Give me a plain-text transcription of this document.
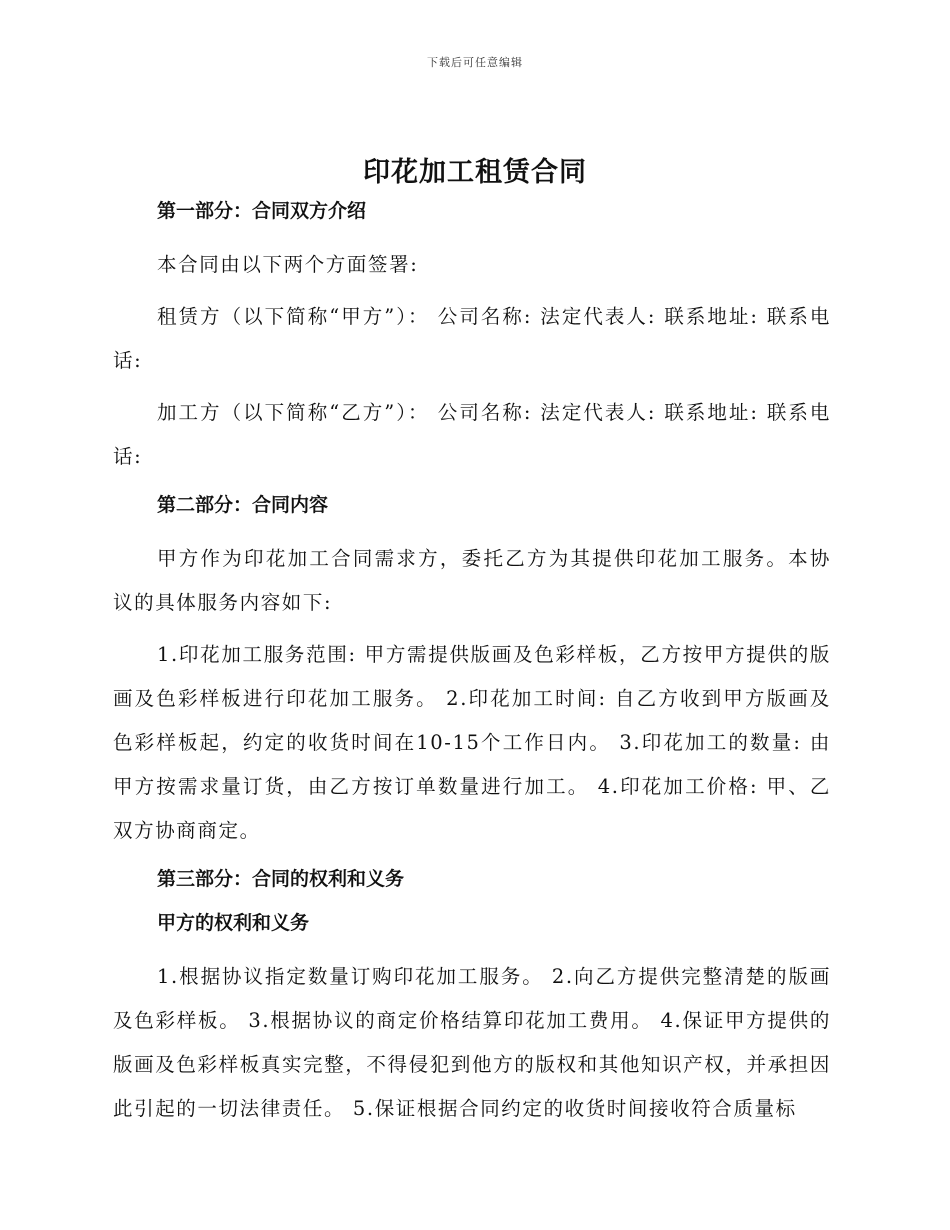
下载后可任意编辑
印花加工租赁合同

第一部分：合同双方介绍

本合同由以下两个方面签署:

租赁方（以下简称“甲方”）： 公司名称: 法定代表人: 联系地址: 联系电话:

加工方（以下简称“乙方”）： 公司名称: 法定代表人: 联系地址: 联系电话:

第二部分：合同内容

甲方作为印花加工合同需求方，委托乙方为其提供印花加工服务。本协议的具体服务内容如下:

1.印花加工服务范围: 甲方需提供版画及色彩样板，乙方按甲方提供的版画及色彩样板进行印花加工服务。 2.印花加工时间: 自乙方收到甲方版画及色彩样板起，约定的收货时间在10-15个工作日内。 3.印花加工的数量: 由甲方按需求量订货，由乙方按订单数量进行加工。 4.印花加工价格: 甲、乙双方协商商定。

第三部分：合同的权利和义务

甲方的权利和义务

1.根据协议指定数量订购印花加工服务。 2.向乙方提供完整清楚的版画及色彩样板。 3.根据协议的商定价格结算印花加工费用。 4.保证甲方提供的版画及色彩样板真实完整，不得侵犯到他方的版权和其他知识产权，并承担因此引起的一切法律责任。 5.保证根据合同约定的收货时间接收符合质量标
